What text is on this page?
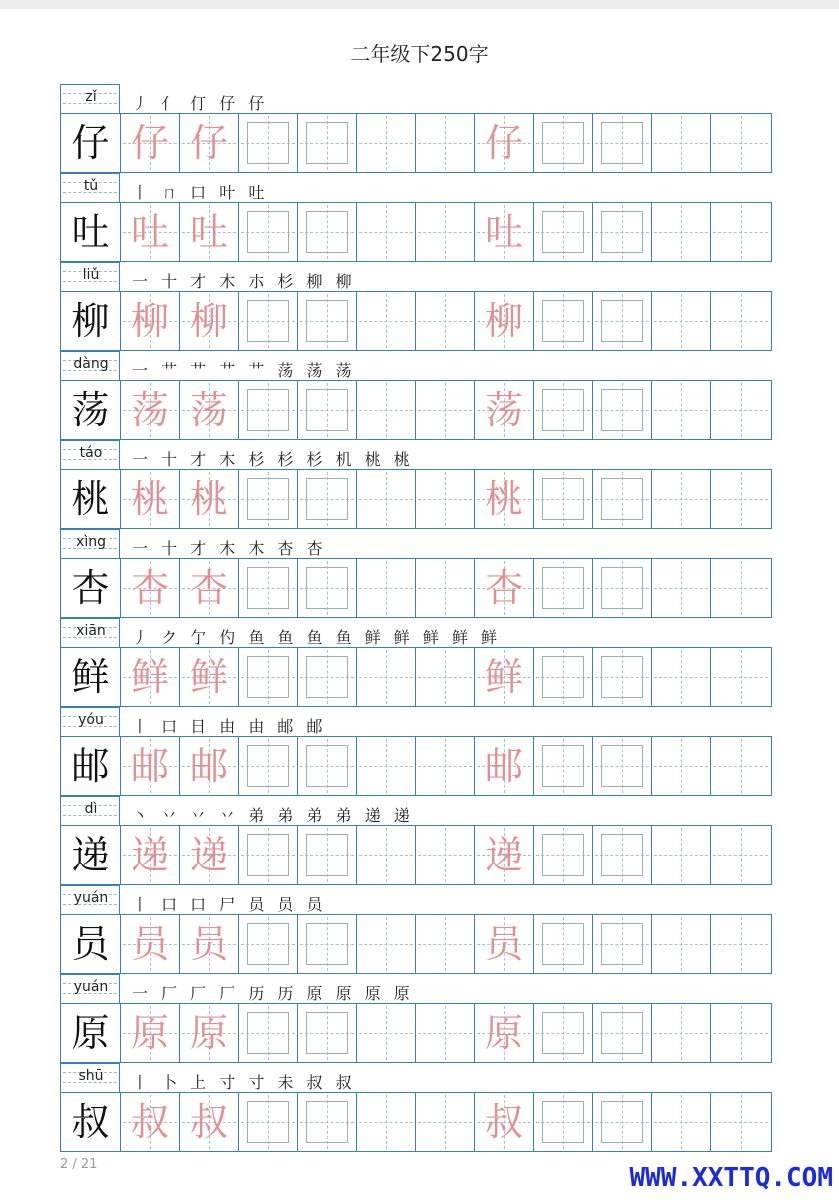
二年级下250字
zǐ	丿 亻 仃 仔 仔
仔 仔 仔	仔
tǔ	丨 ㄇ 口 叶 吐
吐 吐 吐	吐
liǔ	一 十 才 木 朩 杉 柳 柳
柳 柳 柳	柳
dàng	一 艹 艹 艹 艹 荡 荡 荡
荡 荡 荡	荡
táo	一 十 才 木 杉 杉 杉 机 桃 桃
桃 桃 桃	桃
xìng	一 十 才 木 木 杏 杏
杏 杏 杏	杏
xiān	丿 ク 亇 仢 鱼 鱼 鱼 鱼 鲜 鲜 鲜 鲜 鲜
鲜 鲜 鲜	鲜
yóu	丨 口 日 由 由 邮 邮
邮 邮 邮	邮
dì	丶 丷 丷 丷 弟 弟 弟 弟 递 递
递 递 递	递
yuán	丨 口 口 尸 员 员 员
员 员 员	员
yuán	一 厂 厂 厂 历 历 原 原 原 原
原 原 原	原
shū	丨 卜 上 寸 寸 未 叔 叔
叔 叔 叔	叔
2 / 21	WWW.XXTTQ.COM
